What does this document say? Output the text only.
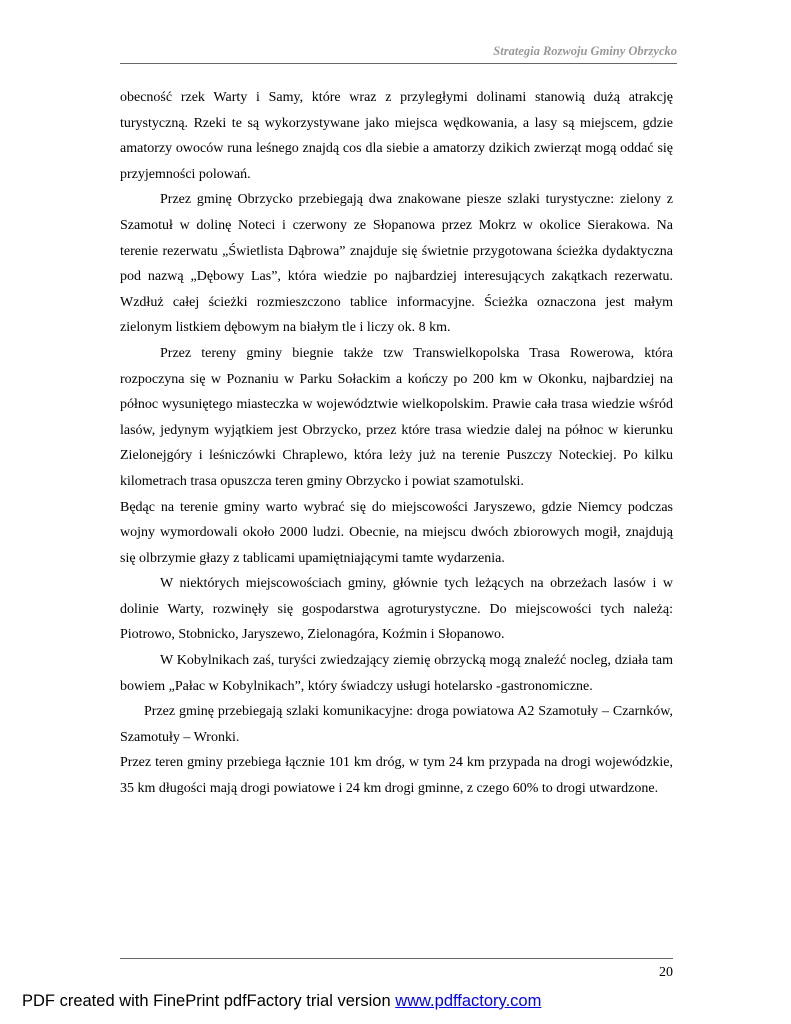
Strategia Rozwoju Gminy Obrzycko

obecność rzek Warty i Samy, które wraz z przyległymi dolinami stanowią dużą atrakcję turystyczną. Rzeki te są wykorzystywane jako miejsca wędkowania, a lasy są miejscem, gdzie amatorzy owoców runa leśnego znajdą cos dla siebie a amatorzy dzikich zwierząt mogą oddać się przyjemności polowań.

Przez gminę Obrzycko przebiegają dwa znakowane piesze szlaki turystyczne: zielony z Szamotuł w dolinę Noteci i czerwony ze Słopanowa przez Mokrz w okolice Sierakowa. Na terenie rezerwatu „Świetlista Dąbrowa” znajduje się świetnie przygotowana ścieżka dydaktyczna pod nazwą „Dębowy Las”, która wiedzie po najbardziej interesujących zakątkach rezerwatu. Wzdłuż całej ścieżki rozmieszczono tablice informacyjne. Ścieżka oznaczona jest małym zielonym listkiem dębowym na białym tle i liczy ok. 8 km.

Przez tereny gminy biegnie także tzw Transwielkopolska Trasa Rowerowa, która rozpoczyna się w Poznaniu w Parku Sołackim a kończy po 200 km w Okonku, najbardziej na północ wysuniętego miasteczka w województwie wielkopolskim. Prawie cała trasa wiedzie wśród lasów, jedynym wyjątkiem jest Obrzycko, przez które trasa wiedzie dalej na północ w kierunku Zielonejgóry i leśniczówki Chraplewo, która leży już na terenie Puszczy Noteckiej. Po kilku kilometrach trasa opuszcza teren gminy Obrzycko i powiat szamotulski.

Będąc na terenie gminy warto wybrać się do miejscowości Jaryszewo, gdzie Niemcy podczas wojny wymordowali około 2000 ludzi. Obecnie, na miejscu dwóch zbiorowych mogił, znajdują się olbrzymie głazy z tablicami upamiętniającymi tamte wydarzenia.

W niektórych miejscowościach gminy, głównie tych leżących na obrzeżach lasów i w dolinie Warty, rozwinęły się gospodarstwa agroturystyczne. Do miejscowości tych należą: Piotrowo, Stobnicko, Jaryszewo, Zielonagóra, Koźmin i Słopanowo.

W Kobylnikach zaś, turyści zwiedzający ziemię obrzycką mogą znaleźć nocleg, działa tam bowiem „Pałac w Kobylnikach”, który świadczy usługi hotelarsko -gastronomiczne.

Przez gminę przebiegają szlaki komunikacyjne: droga powiatowa A2 Szamotuły – Czarnków, Szamotuły – Wronki.

Przez teren gminy przebiega łącznie 101 km dróg, w tym 24 km przypada na drogi wojewódzkie, 35 km długości mają drogi powiatowe i 24 km drogi gminne, z czego 60% to drogi utwardzone.

20
PDF created with FinePrint pdfFactory trial version www.pdffactory.com
